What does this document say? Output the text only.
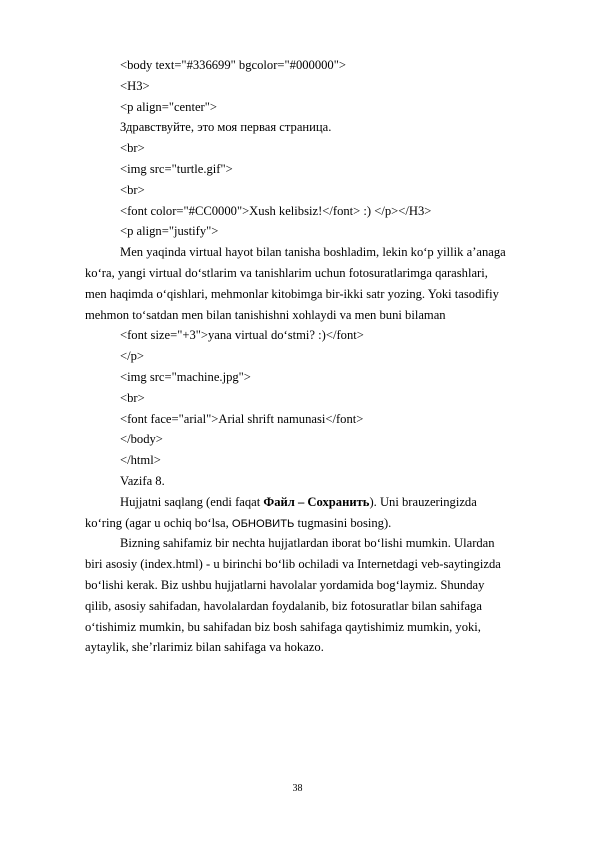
<body text="#336699" bgcolor="#000000">
<H3>
<p align="center">
Здравствуйте, это моя первая страница.
<br>
<img src="turtle.gif">
<br>
<font color="#CC0000">Xush kelibsiz!</font> :) </p></H3>
<p align="justify">
Men yaqinda virtual hayot bilan tanisha boshladim, lekin ko‘p yillik a’anaga
ko‘ra, yangi virtual do‘stlarim va tanishlarim uchun fotosuratlarimga qarashlari,
men haqimda o‘qishlari, mehmonlar kitobimga bir-ikki satr yozing. Yoki tasodifiy
mehmon to‘satdan men bilan tanishishni xohlaydi va men buni bilaman
<font size="+3">yana virtual do‘stmi? :)</font>
</p>
<img src="machine.jpg">
<br>
<font face="arial">Arial shrift namunasi</font>
</body>
</html>
Vazifa 8.
Hujjatni saqlang (endi faqat Файл – Сохранить). Uni brauzeringizda
ko‘ring (agar u ochiq bo‘lsa, ОБНОВИТЬ tugmasini bosing).
Bizning sahifamiz bir nechta hujjatlardan iborat bo‘lishi mumkin. Ulardan
biri asosiy (index.html) - u birinchi bo‘lib ochiladi va Internetdagi veb-saytingizda
bo‘lishi kerak. Biz ushbu hujjatlarni havolalar yordamida bog‘laymiz. Shunday
qilib, asosiy sahifadan, havolalardan foydalanib, biz fotosuratlar bilan sahifaga
o‘tishimiz mumkin, bu sahifadan biz bosh sahifaga qaytishimiz mumkin, yoki,
aytaylik, she’rlarimiz bilan sahifaga va hokazo.
38
